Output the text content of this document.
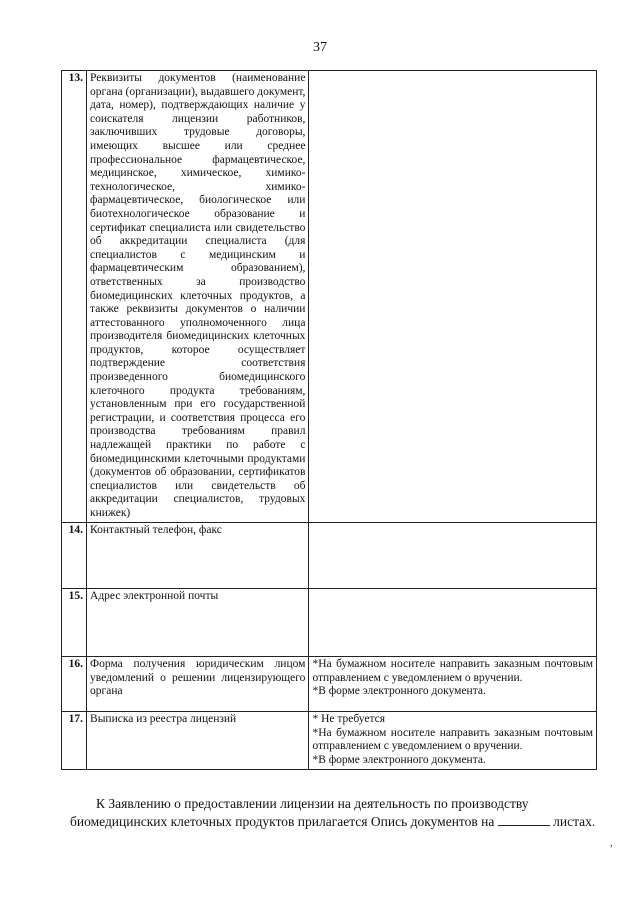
37
13.	Реквизиты документов (наименование органа (организации), выдавшего документ, дата, номер), подтверждающих наличие у соискателя лицензии работников, заключивших трудовые договоры, имеющих высшее или среднее профессиональное фармацевтическое, медицинское, химическое, химико-технологическое, химико-фармацевтическое, биологическое или биотехнологическое образование и сертификат специалиста или свидетельство об аккредитации специалиста (для специалистов с медицинским и фармацевтическим образованием), ответственных за производство биомедицинских клеточных продуктов, а также реквизиты документов о наличии аттестованного уполномоченного лица производителя биомедицинских клеточных продуктов, которое осуществляет подтверждение соответствия произведенного биомедицинского клеточного продукта требованиям, установленным при его государственной регистрации, и соответствия процесса его производства требованиям правил надлежащей практики по работе с биомедицинскими клеточными продуктами (документов об образовании, сертификатов специалистов или свидетельств об аккредитации специалистов, трудовых книжек)	
14.	Контактный телефон, факс	
15.	Адрес электронной почты	
16.	Форма получения юридическим лицом уведомлений о решении лицензирующего органа	*На бумажном носителе направить заказным почтовым отправлением с уведомлением о вручении.
*В форме электронного документа.

17.	Выписка из реестра лицензий	* Не требуется
*На бумажном носителе направить заказным почтовым отправлением с уведомлением о вручении.
*В форме электронного документа.
К Заявлению о предоставлении лицензии на деятельность по производству биомедицинских клеточных продуктов прилагается Опись документов на	листах.
,
